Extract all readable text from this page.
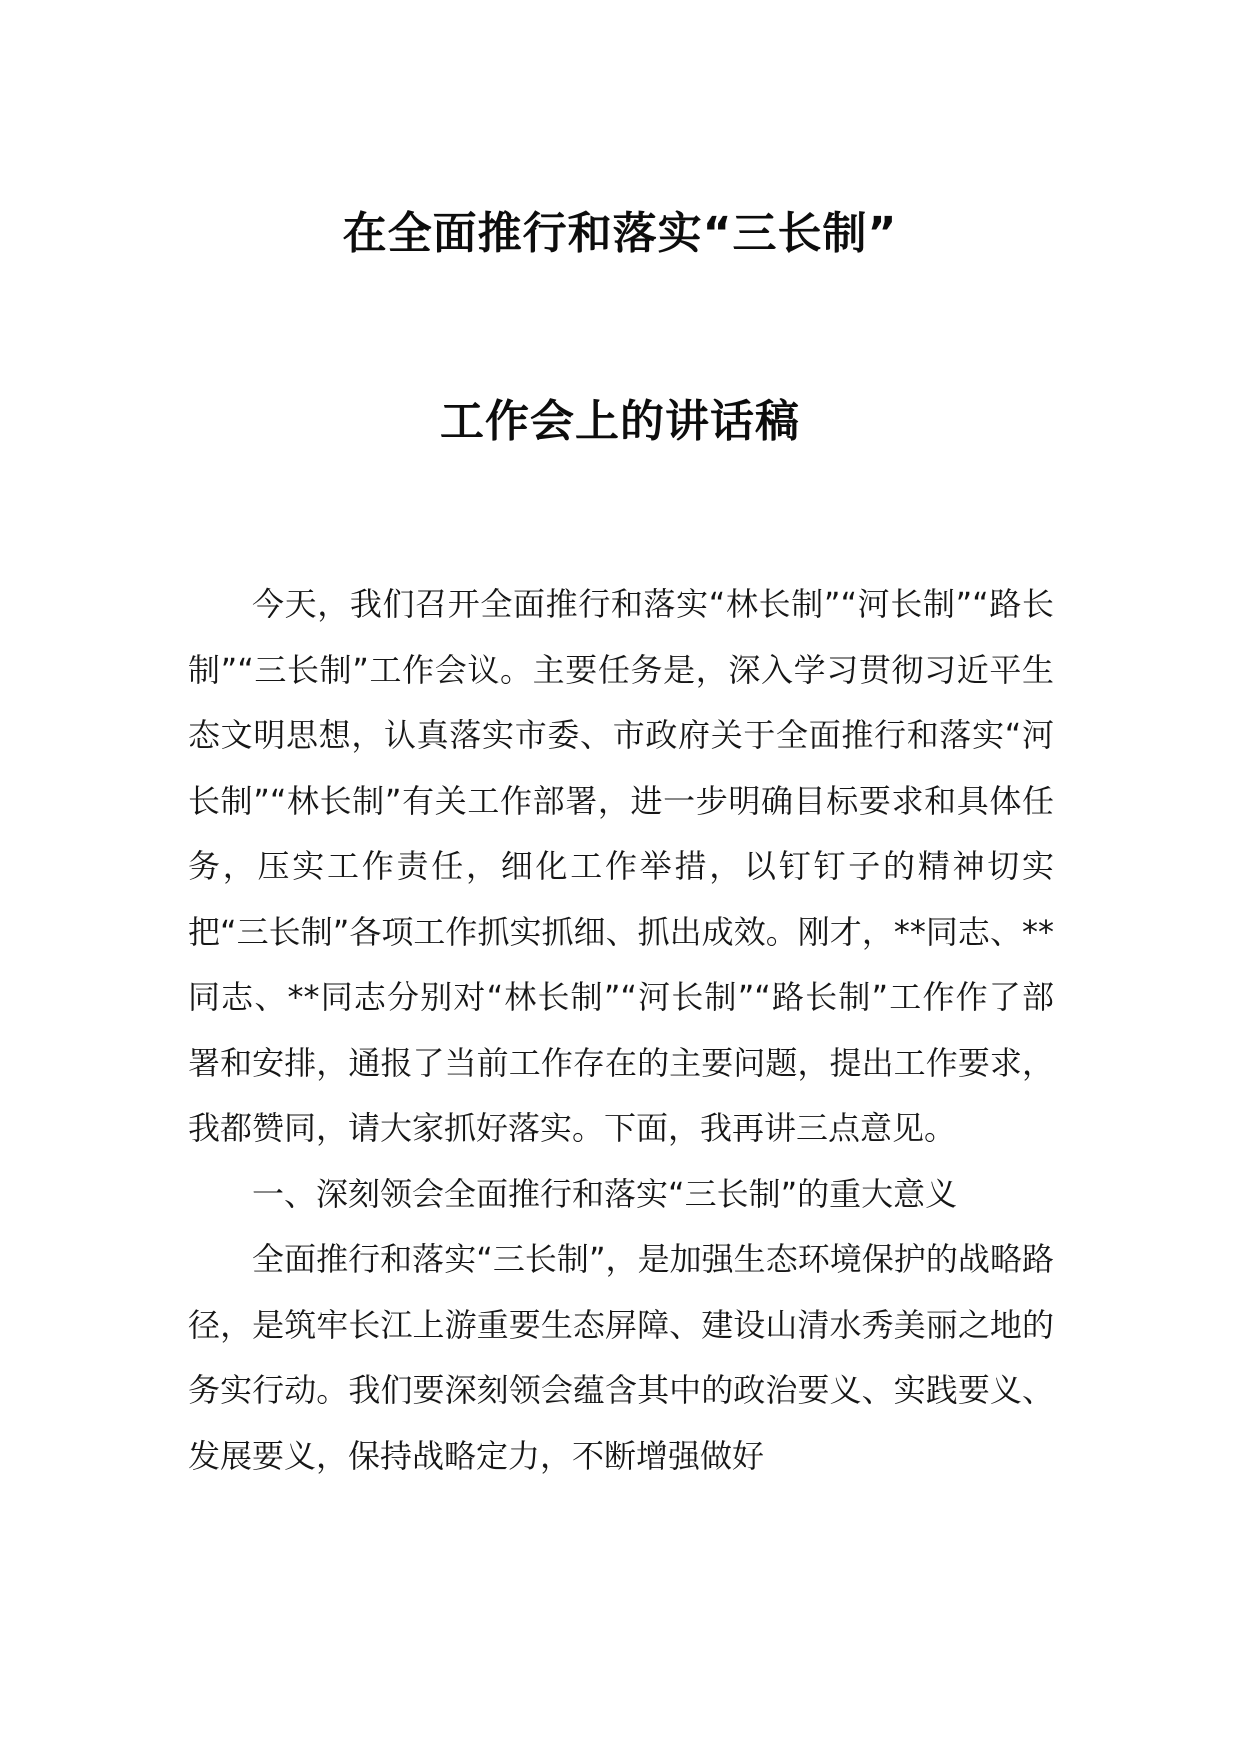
在全面推行和落实“三长制”
工作会上的讲话稿

今天，我们召开全面推行和落实“林长制”“河长制”“路长制”“三长制”工作会议。主要任务是，深入学习贯彻习近平生态文明思想，认真落实市委、市政府关于全面推行和落实“河长制”“林长制”有关工作部署，进一步明确目标要求和具体任务，压实工作责任，细化工作举措，以钉钉子的精神切实把“三长制”各项工作抓实抓细、抓出成效。刚才，**同志、**同志、**同志分别对“林长制”“河长制”“路长制”工作作了部署和安排，通报了当前工作存在的主要问题，提出工作要求，我都赞同，请大家抓好落实。下面，我再讲三点意见。

一、深刻领会全面推行和落实“三长制”的重大意义

全面推行和落实“三长制”，是加强生态环境保护的战略路径，是筑牢长江上游重要生态屏障、建设山清水秀美丽之地的务实行动。我们要深刻领会蕴含其中的政治要义、实践要义、发展要义，保持战略定力，不断增强做好
